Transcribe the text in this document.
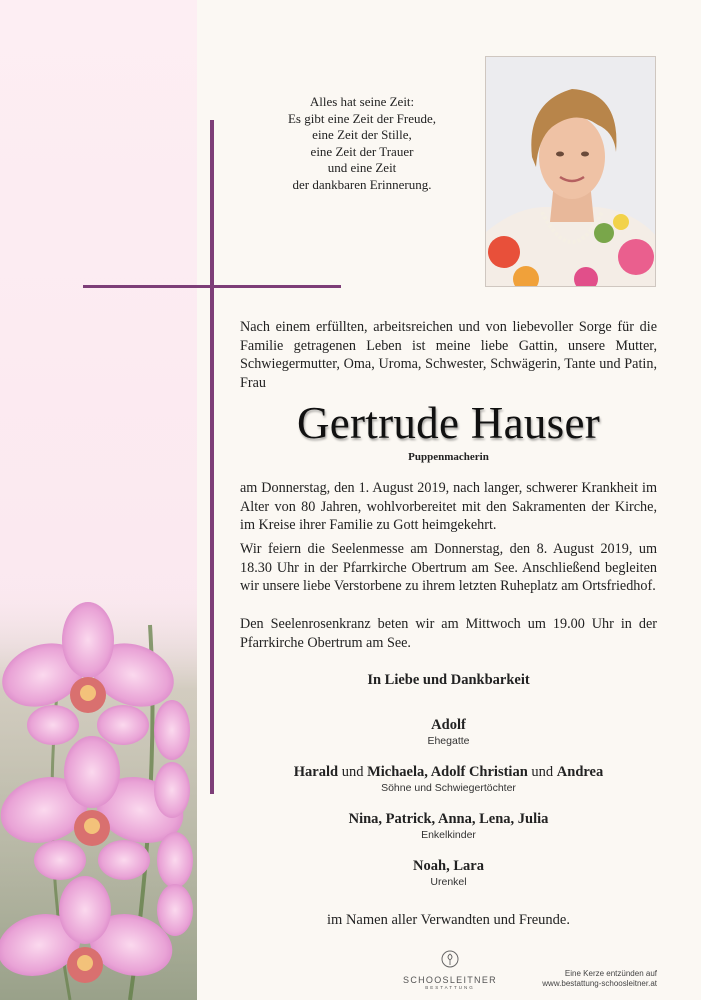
Alles hat seine Zeit:
Es gibt eine Zeit der Freude,
eine Zeit der Stille,
eine Zeit der Trauer
und eine Zeit
der dankbaren Erinnerung.
Nach einem erfüllten, arbeitsreichen und von liebevoller Sorge für die Familie getragenen Leben ist meine liebe Gattin, unsere Mutter, Schwiegermutter, Oma, Uroma, Schwester, Schwägerin, Tante und Patin, Frau
Gertrude Hauser
Puppenmacherin
am Donnerstag, den 1. August 2019, nach langer, schwerer Krankheit im Alter von 80 Jahren, wohlvorbereitet mit den Sakramenten der Kirche, im Kreise ihrer Familie zu Gott heimgekehrt.
Wir feiern die Seelenmesse am Donnerstag, den 8. August 2019, um 18.30 Uhr in der Pfarrkirche Obertrum am See. Anschließend begleiten wir unsere liebe Verstorbene zu ihrem letzten Ruheplatz am Ortsfriedhof.
Den Seelenrosenkranz beten wir am Mittwoch um 19.00 Uhr in der Pfarrkirche Obertrum am See.
In Liebe und Dankbarkeit
Adolf
Ehegatte
Harald und Michaela, Adolf Christian und Andrea
Söhne und Schwiegertöchter
Nina, Patrick, Anna, Lena, Julia
Enkelkinder
Noah, Lara
Urenkel
im Namen aller Verwandten und Freunde.
SCHOOSLEITNER
BESTATTUNG
Eine Kerze entzünden auf
www.bestattung-schoosleitner.at
